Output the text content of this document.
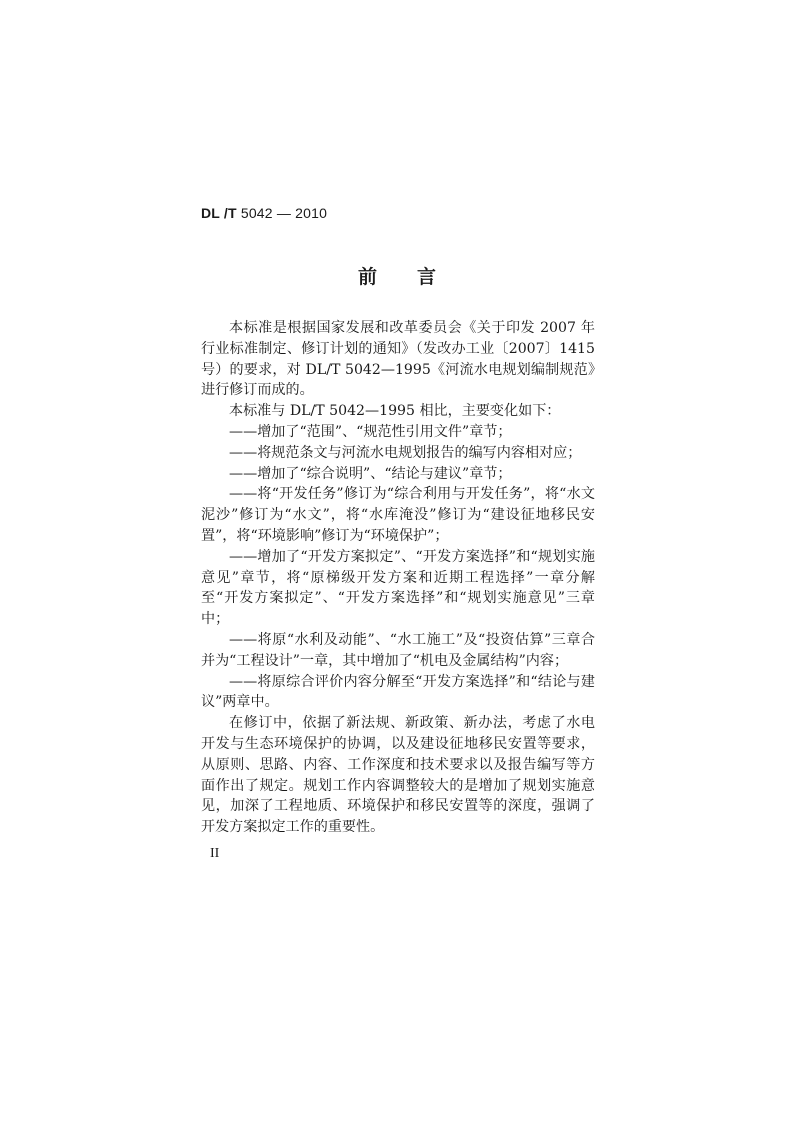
DL /T 5042 — 2010
前言

本标准是根据国家发展和改革委员会《关于印发 2007 年行业标准制定、修订计划的通知》（发改办工业〔2007〕1415 号）的要求，对 DL/T 5042—1995《河流水电规划编制规范》进行修订而成的。

本标准与 DL/T 5042—1995 相比，主要变化如下：

——增加了“范围”、“规范性引用文件”章节；

——将规范条文与河流水电规划报告的编写内容相对应；

——增加了“综合说明”、“结论与建议”章节；

——将“开发任务”修订为“综合利用与开发任务”，将“水文泥沙”修订为“水文”，将“水库淹没”修订为“建设征地移民安置”，将“环境影响”修订为“环境保护”；

——增加了“开发方案拟定”、“开发方案选择”和“规划实施意见”章节，将“原梯级开发方案和近期工程选择”一章分解至“开发方案拟定”、“开发方案选择”和“规划实施意见”三章中；

——将原“水利及动能”、“水工施工”及“投资估算”三章合并为“工程设计”一章，其中增加了“机电及金属结构”内容；

——将原综合评价内容分解至“开发方案选择”和“结论与建议”两章中。

在修订中，依据了新法规、新政策、新办法，考虑了水电开发与生态环境保护的协调，以及建设征地移民安置等要求，从原则、思路、内容、工作深度和技术要求以及报告编写等方面作出了规定。规划工作内容调整较大的是增加了规划实施意见，加深了工程地质、环境保护和移民安置等的深度，强调了开发方案拟定工作的重要性。

II
